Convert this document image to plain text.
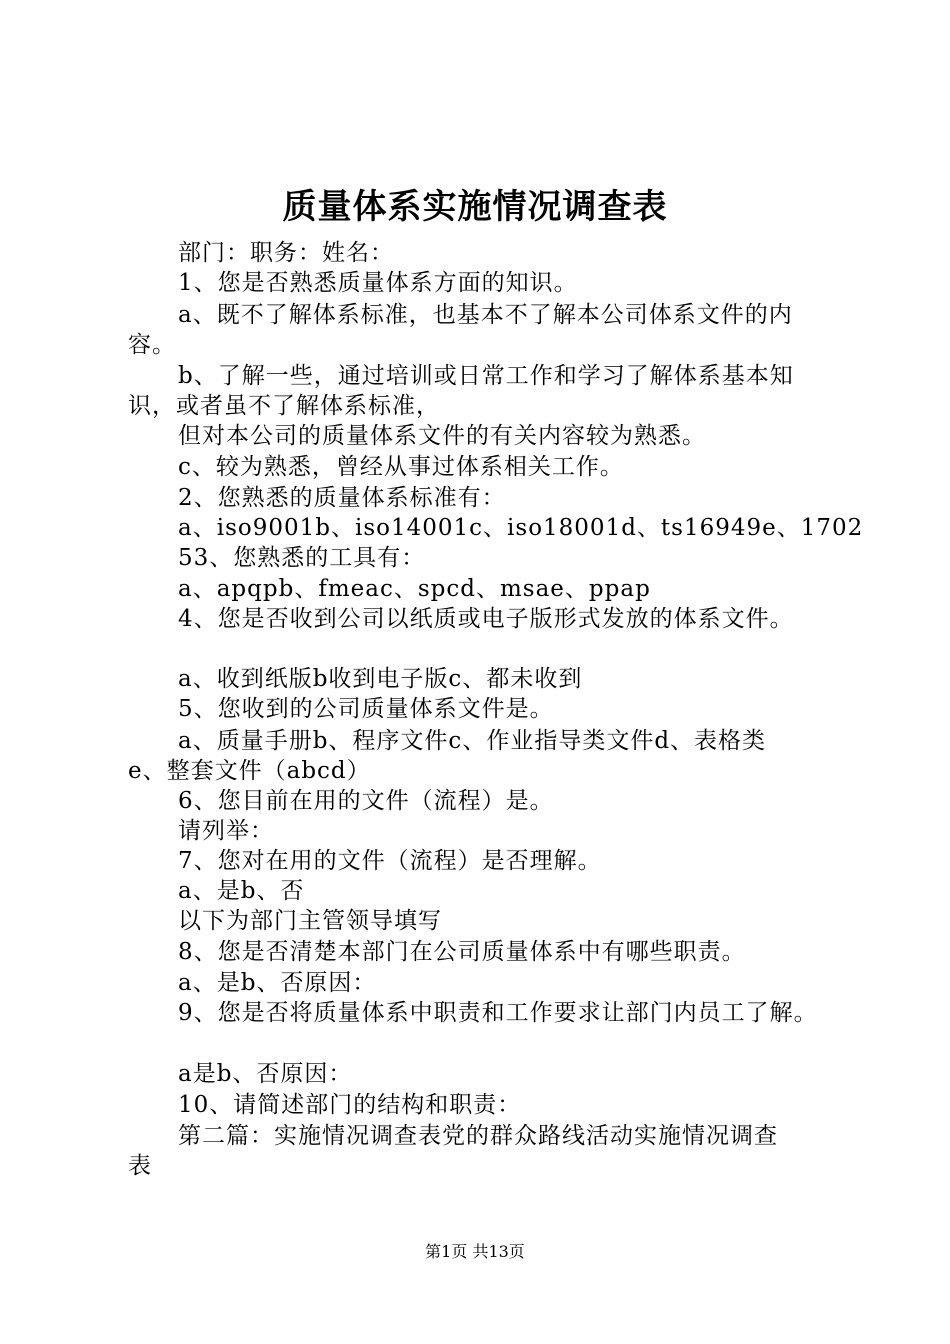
质量体系实施情况调查表
部门：职务：姓名：
1、您是否熟悉质量体系方面的知识。
a、既不了解体系标准，也基本不了解本公司体系文件的内
容。
b、了解一些，通过培训或日常工作和学习了解体系基本知
识，或者虽不了解体系标准，
但对本公司的质量体系文件的有关内容较为熟悉。
c、较为熟悉，曾经从事过体系相关工作。
2、您熟悉的质量体系标准有：
a、iso9001b、iso14001c、iso18001d、ts16949e、1702
53、您熟悉的工具有：
a、apqpb、fmeac、spcd、msae、ppap
4、您是否收到公司以纸质或电子版形式发放的体系文件。
a、收到纸版b收到电子版c、都未收到
5、您收到的公司质量体系文件是。
a、质量手册b、程序文件c、作业指导类文件d、表格类
e、整套文件（abcd）
6、您目前在用的文件（流程）是。
请列举：
7、您对在用的文件（流程）是否理解。
a、是b、否
以下为部门主管领导填写
8、您是否清楚本部门在公司质量体系中有哪些职责。
a、是b、否原因：
9、您是否将质量体系中职责和工作要求让部门内员工了解。
a是b、否原因：
10、请简述部门的结构和职责：
第二篇：实施情况调查表党的群众路线活动实施情况调查
表
第1页 共13页
